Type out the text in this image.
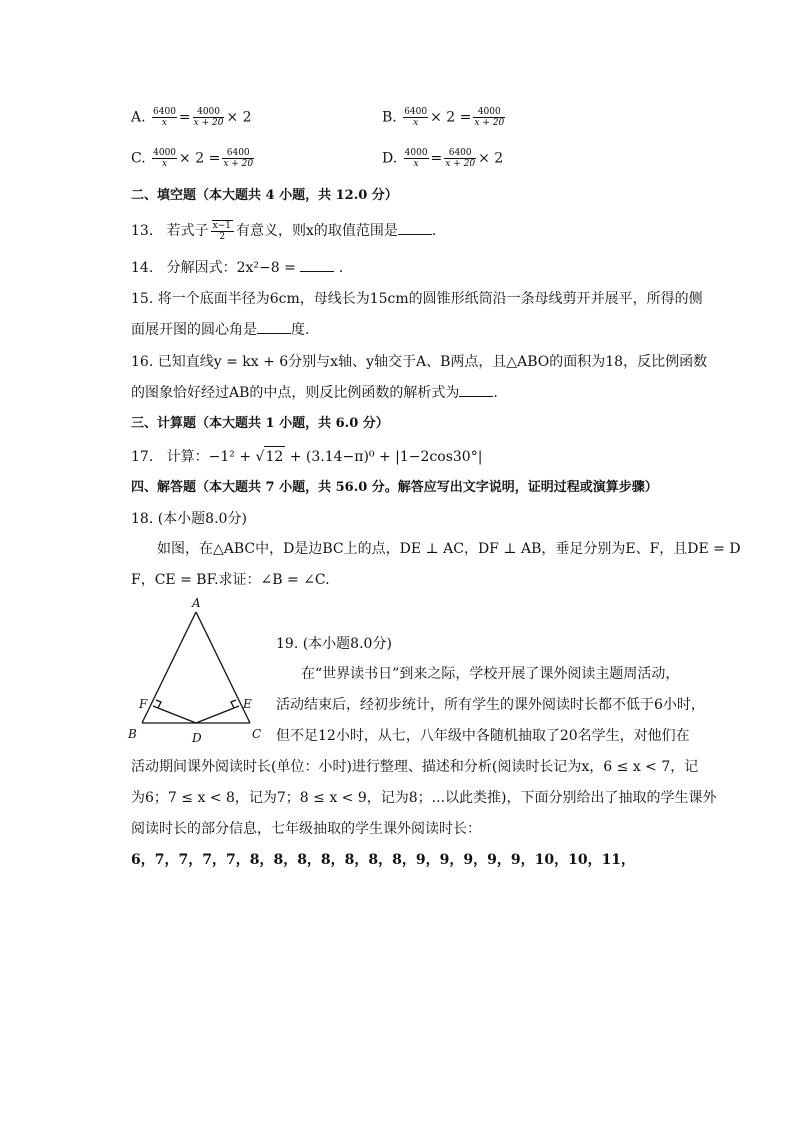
A. $\frac{6400}{x} = \frac{4000}{x + 20} \times 2$	B. $\frac{6400}{x} \times 2 = \frac{4000}{x + 20}$
C. $\frac{4000}{x} \times 2 = \frac{6400}{x + 20}$	D. $\frac{4000}{x} = \frac{6400}{x + 20} \times 2$
二、填空题（本大题共 4 小题，共 12.0 分）
13. 若式子 $\frac{x-1}{2}$ 有意义，则x的取值范围是 .
14. 分解因式：2x²−8 =	.
15. 将一个底面半径为6cm，母线长为15cm的圆锥形纸筒沿一条母线剪开并展平，所得的侧
面展开图的圆心角是 度.
16. 已知直线y = kx + 6分别与x轴、y轴交于A、B两点，且△ABO的面积为18，反比例函数
的图象恰好经过AB的中点，则反比例函数的解析式为 .
三、计算题（本大题共 1 小题，共 6.0 分）
17. 计算：−1² + √12 + (3.14−π)⁰ + |1−2cos30°|
四、解答题（本大题共 7 小题，共 56.0 分。解答应写出文字说明，证明过程或演算步骤）
18. (本小题8.0分)
如图，在△ABC中，D是边BC上的点，DE ⊥ AC，DF ⊥ AB，垂足分别为E、F，且DE = D
F，CE = BF.求证：∠B = ∠C.
A
B	C
D
E
F
19. (本小题8.0分)
在“世界读书日”到来之际，学校开展了课外阅读主题周活动，
活动结束后，经初步统计，所有学生的课外阅读时长都不低于6小时，
但不足12小时，从七，八年级中各随机抽取了20名学生，对他们在
活动期间课外阅读时长(单位：小时)进行整理、描述和分析(阅读时长记为x，6 ≤ x < 7，记
为6；7 ≤ x < 8，记为7；8 ≤ x < 9，记为8；...以此类推)，下面分别给出了抽取的学生课外
阅读时长的部分信息，七年级抽取的学生课外阅读时长：
6，7，7，7，7，8，8，8，8，8，8，8，9，9，9，9，9，10，10，11，
